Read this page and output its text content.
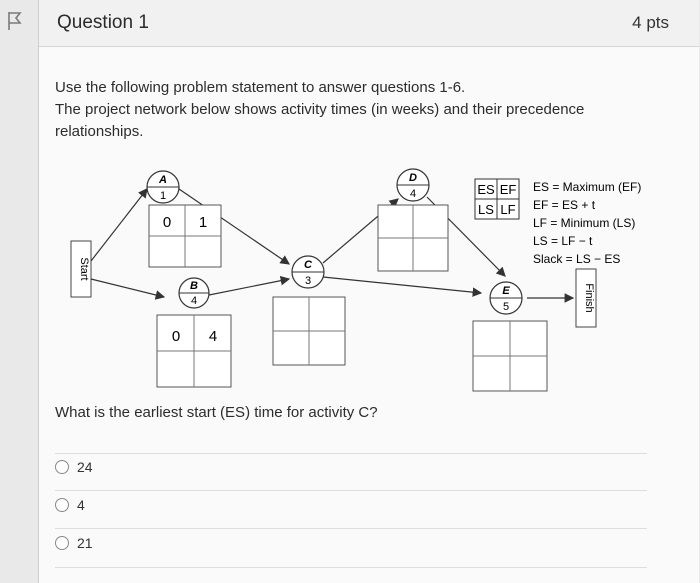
Question 1	4 pts

Use the following problem statement to answer questions 1-6.

The project network below shows activity times (in weeks) and their precedence relationships.

Start
Finish
A
1
0 1
B
4
0 4
C
3
D
4
E
5
ES EF
LS LF
ES = Maximum (EF)
EF = ES + t
LF = Minimum (LS)
LS = LF − t
Slack = LS − ES
What is the earliest start (ES) time for activity C?
24
4
21
